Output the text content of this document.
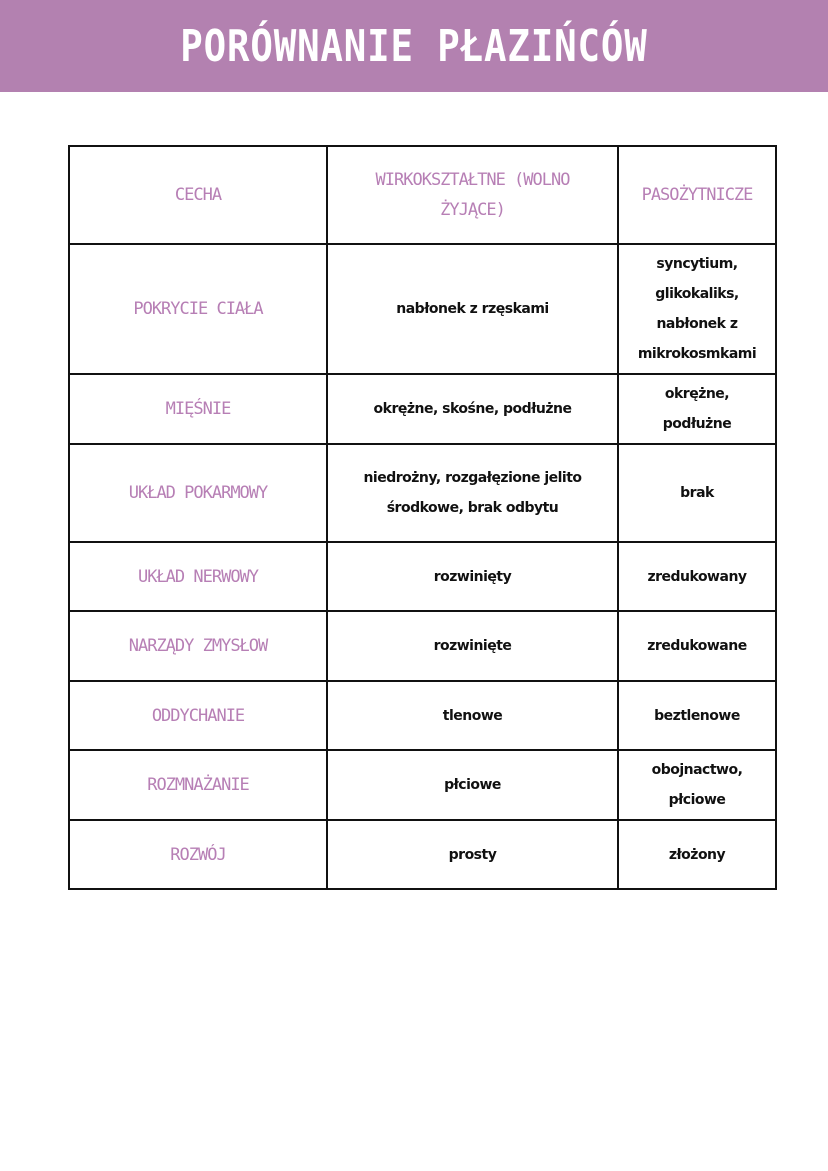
PORÓWNANIE PŁAZIŃCÓW
CECHA	WIRKOKSZTAŁTNE (WOLNO ŻYJĄCE)	PASOŻYTNICZE
POKRYCIE CIAŁA	nabłonek z rzęskami	syncytium, glikokaliks, nabłonek z mikrokosmkami
MIĘŚNIE	okrężne, skośne, podłużne	okrężne, podłużne
UKŁAD POKARMOWY	niedrożny, rozgałęzione jelito środkowe, brak odbytu	brak
UKŁAD NERWOWY	rozwinięty	zredukowany
NARZĄDY ZMYSŁOW	rozwinięte	zredukowane
ODDYCHANIE	tlenowe	beztlenowe
ROZMNAŻANIE	płciowe	obojnactwo, płciowe
ROZWÓJ	prosty	złożony
